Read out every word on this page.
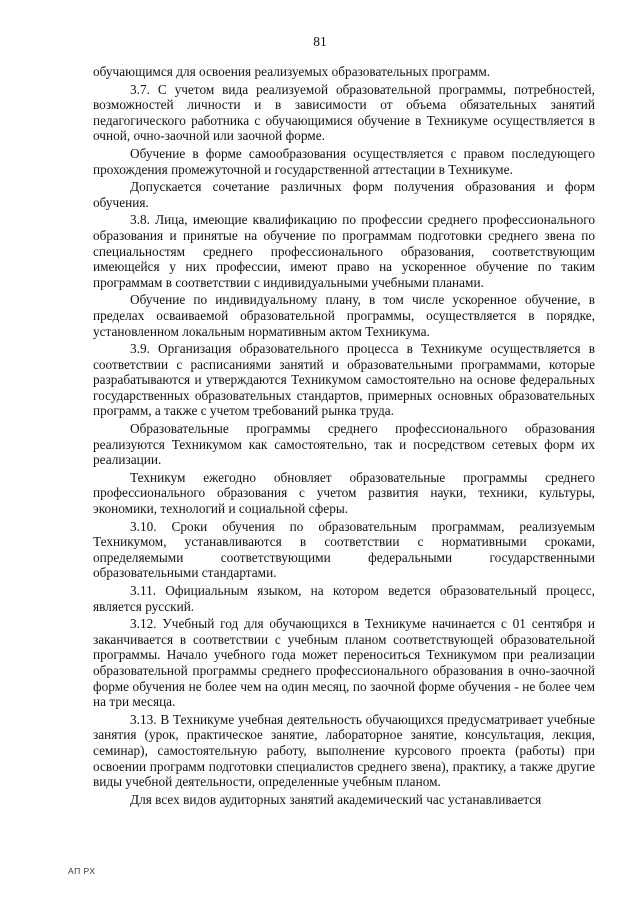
81

обучающимся для освоения реализуемых образовательных программ.

3.7. С учетом вида реализуемой образовательной программы, потребностей, возможностей личности и в зависимости от объема обязательных занятий педагогического работника с обучающимися обучение в Техникуме осуществляется в очной, очно-заочной или заочной форме.

Обучение в форме самообразования осуществляется с правом последующего прохождения промежуточной и государственной аттестации в Техникуме.

Допускается сочетание различных форм получения образования и форм обучения.

3.8. Лица, имеющие квалификацию по профессии среднего профессионального образования и принятые на обучение по программам подготовки среднего звена по специальностям среднего профессионального образования, соответствующим имеющейся у них профессии, имеют право на ускоренное обучение по таким программам в соответствии с индивидуальными учебными планами.

Обучение по индивидуальному плану, в том числе ускоренное обучение, в пределах осваиваемой образовательной программы, осуществляется в порядке, установленном локальным нормативным актом Техникума.

3.9. Организация образовательного процесса в Техникуме осуществляется в соответствии с расписаниями занятий и образовательными программами, которые разрабатываются и утверждаются Техникумом самостоятельно на основе федеральных государственных образовательных стандартов, примерных основных образовательных программ, а также с учетом требований рынка труда.

Образовательные программы среднего профессионального образования реализуются Техникумом как самостоятельно, так и посредством сетевых форм их реализации.

Техникум ежегодно обновляет образовательные программы среднего профессионального образования с учетом развития науки, техники, культуры, экономики, технологий и социальной сферы.

3.10. Сроки обучения по образовательным программам, реализуемым Техникумом, устанавливаются в соответствии с нормативными сроками, определяемыми соответствующими федеральными государственными образовательными стандартами.

3.11. Официальным языком, на котором ведется образовательный процесс, является русский.

3.12. Учебный год для обучающихся в Техникуме начинается с 01 сентября и заканчивается в соответствии с учебным планом соответствующей образовательной программы. Начало учебного года может переноситься Техникумом при реализации образовательной программы среднего профессионального образования в очно-заочной форме обучения не более чем на один месяц, по заочной форме обучения - не более чем на три месяца.

3.13. В Техникуме учебная деятельность обучающихся предусматривает учебные занятия (урок, практическое занятие, лабораторное занятие, консультация, лекция, семинар), самостоятельную работу, выполнение курсового проекта (работы) при освоении программ подготовки специалистов среднего звена), практику, а также другие виды учебной деятельности, определенные учебным планом.

Для всех видов аудиторных занятий академический час устанавливается

АП РХ
